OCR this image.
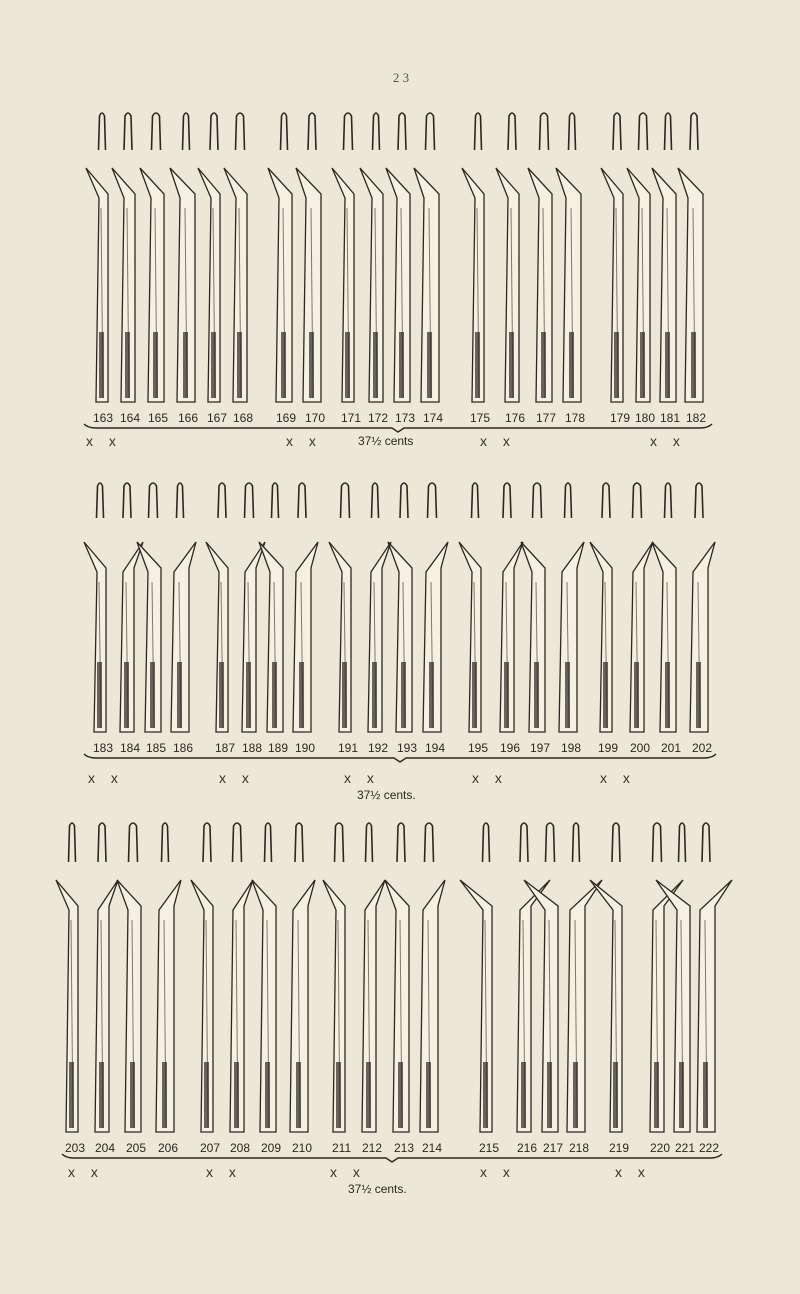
2 3
163 164 165 166 167 168 169 170 171 172 173 174 175 176 177 178 179 180 181 182
x x	x x	37½ cents	x x	x x
183 184 185 186 187 188 189 190 191 192 193 194 195 196 197 198 199 200 201 202
x x	x x	x x
37½ cents.
x x	x x
203 204 205 206 207 208 209 210 211 212 213 214	215 216 217 218 219 220 221 222
x x	x x	x x
37½ cents.
x x	x x
